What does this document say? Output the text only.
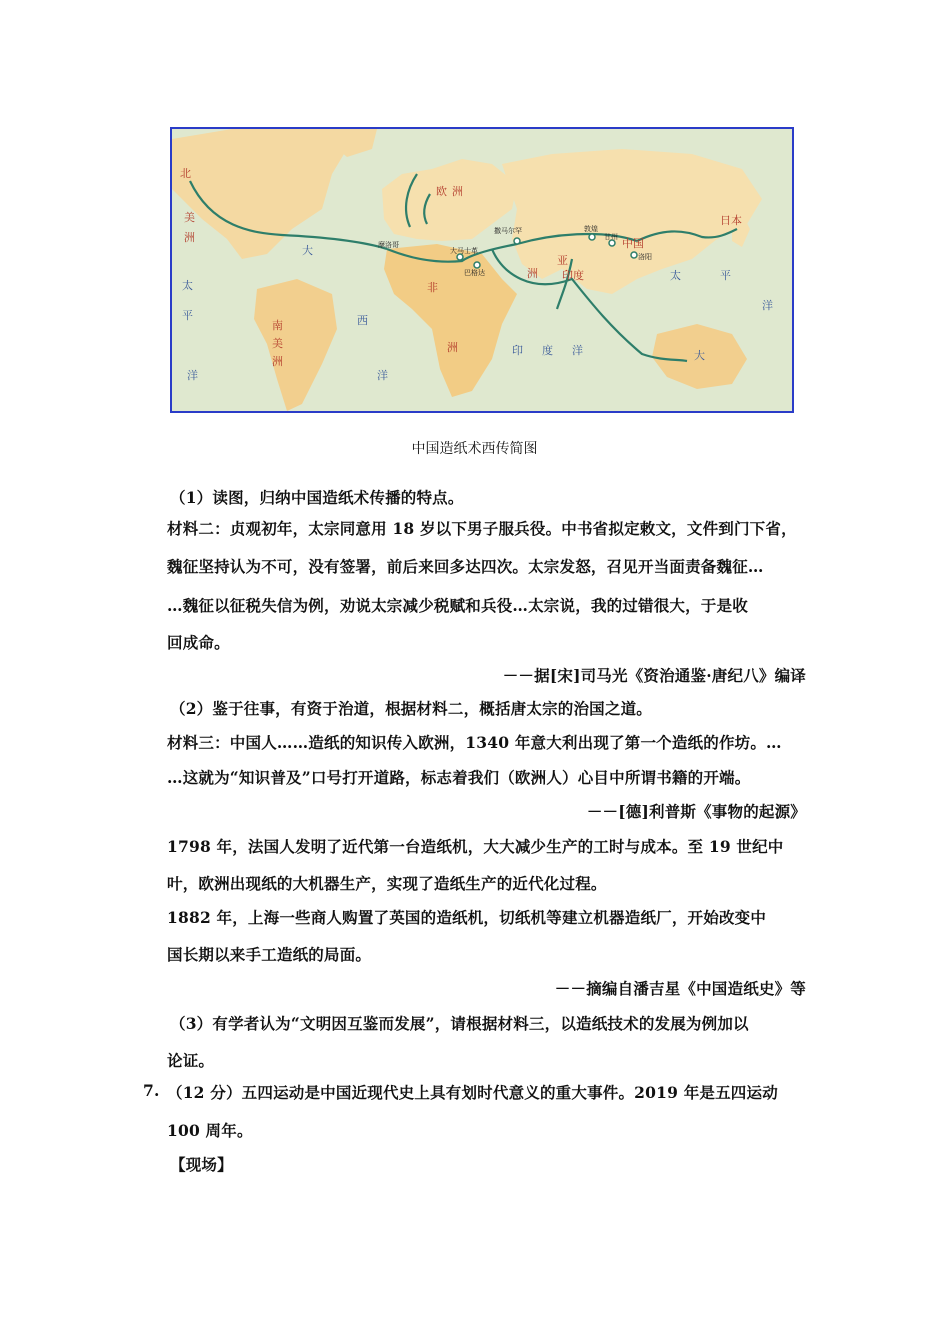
北
美
洲
南
美
洲
非
洲
欧 洲
亚
洲
日本
中国
印度
大
西
洋
太
平
洋
太	平
洋
印 度 洋	大
撒马尔罕
大马士革
巴格达
敦煌
甘州
洛阳
摩洛哥
中国造纸术西传简图
（1）读图，归纳中国造纸术传播的特点。
材料二：贞观初年，太宗同意用 18 岁以下男子服兵役。中书省拟定敕文，文件到门下省，
魏征坚持认为不可，没有签署，前后来回多达四次。太宗发怒，召见开当面责备魏征…
…魏征以征税失信为例，劝说太宗减少税赋和兵役…太宗说，我的过错很大，于是收
回成命。
－－据[宋]司马光《资治通鉴·唐纪八》编译
（2）鉴于往事，有资于治道，根据材料二，概括唐太宗的治国之道。
材料三：中国人……造纸的知识传入欧洲，1340 年意大利出现了第一个造纸的作坊。…
…这就为“知识普及”口号打开道路，标志着我们（欧洲人）心目中所谓书籍的开端。
－－[德]利普斯《事物的起源》
1798 年，法国人发明了近代第一台造纸机，大大减少生产的工时与成本。至 19 世纪中
叶，欧洲出现纸的大机器生产，实现了造纸生产的近代化过程。
1882 年，上海一些商人购置了英国的造纸机，切纸机等建立机器造纸厂，开始改变中
国长期以来手工造纸的局面。
－－摘编自潘吉星《中国造纸史》等
（3）有学者认为“文明因互鉴而发展”，请根据材料三，以造纸技术的发展为例加以
论证。
7. （12 分）五四运动是中国近现代史上具有划时代意义的重大事件。2019 年是五四运动
100 周年。
【现场】
